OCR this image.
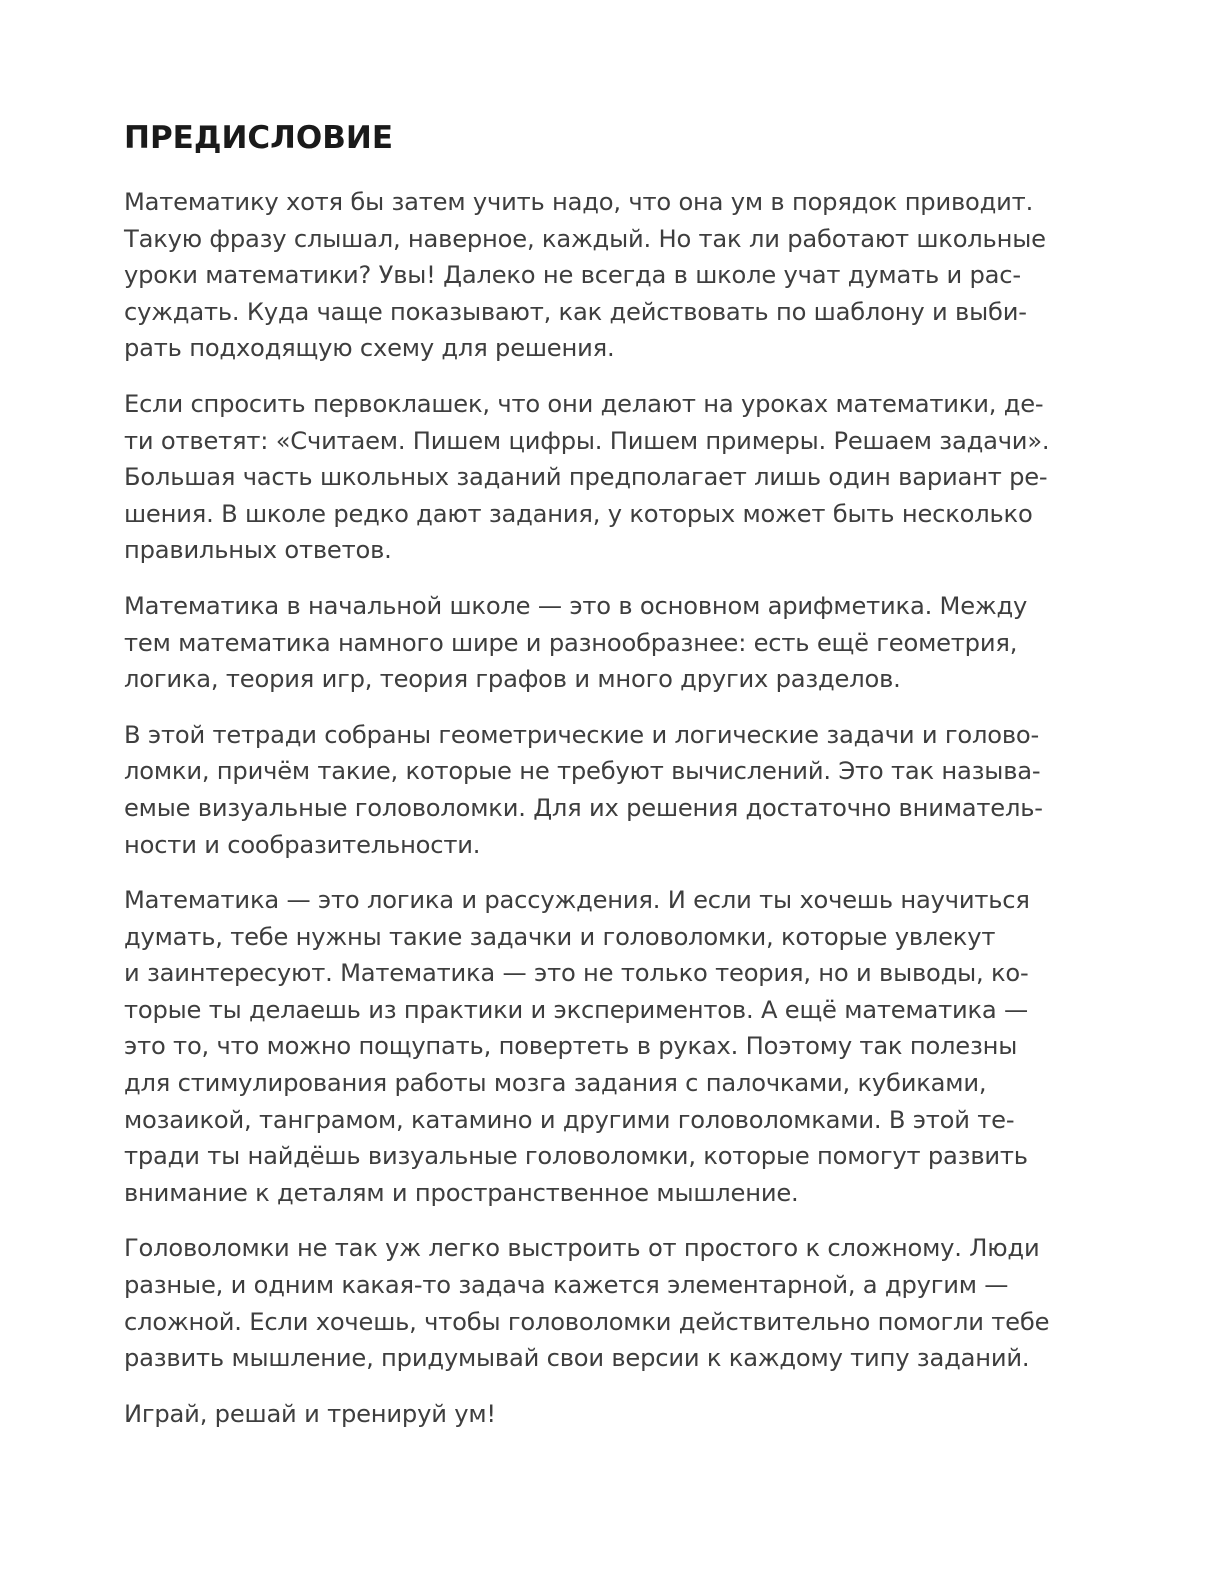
ПРЕДИСЛОВИЕ

Математику хотя бы затем учить надо, что она ум в порядок приводит.
Такую фразу слышал, наверное, каждый. Но так ли работают школьные
уроки математики? Увы! Далеко не всегда в школе учат думать и рас-
суждать. Куда чаще показывают, как действовать по шаблону и выби-
рать подходящую схему для решения.

Если спросить первоклашек, что они делают на уроках математики, де-
ти ответят: «Считаем. Пишем цифры. Пишем примеры. Решаем задачи».
Большая часть школьных заданий предполагает лишь один вариант ре-
шения. В школе редко дают задания, у которых может быть несколько
правильных ответов.

Математика в начальной школе — это в основном арифметика. Между
тем математика намного шире и разнообразнее: есть ещё геометрия,
логика, теория игр, теория графов и много других разделов.

В этой тетради собраны геометрические и логические задачи и голово-
ломки, причём такие, которые не требуют вычислений. Это так называ-
емые визуальные головоломки. Для их решения достаточно вниматель-
ности и сообразительности.

Математика — это логика и рассуждения. И если ты хочешь научиться
думать, тебе нужны такие задачки и головоломки, которые увлекут
и заинтересуют. Математика — это не только теория, но и выводы, ко-
торые ты делаешь из практики и экспериментов. А ещё математика —
это то, что можно пощупать, повертеть в руках. Поэтому так полезны
для стимулирования работы мозга задания с палочками, кубиками,
мозаикой, танграмом, катамино и другими головоломками. В этой те-
тради ты найдёшь визуальные головоломки, которые помогут развить
внимание к деталям и пространственное мышление.

Головоломки не так уж легко выстроить от простого к сложному. Люди
разные, и одним какая-то задача кажется элементарной, а другим —
сложной. Если хочешь, чтобы головоломки действительно помогли тебе
развить мышление, придумывай свои версии к каждому типу заданий.

Играй, решай и тренируй ум!
